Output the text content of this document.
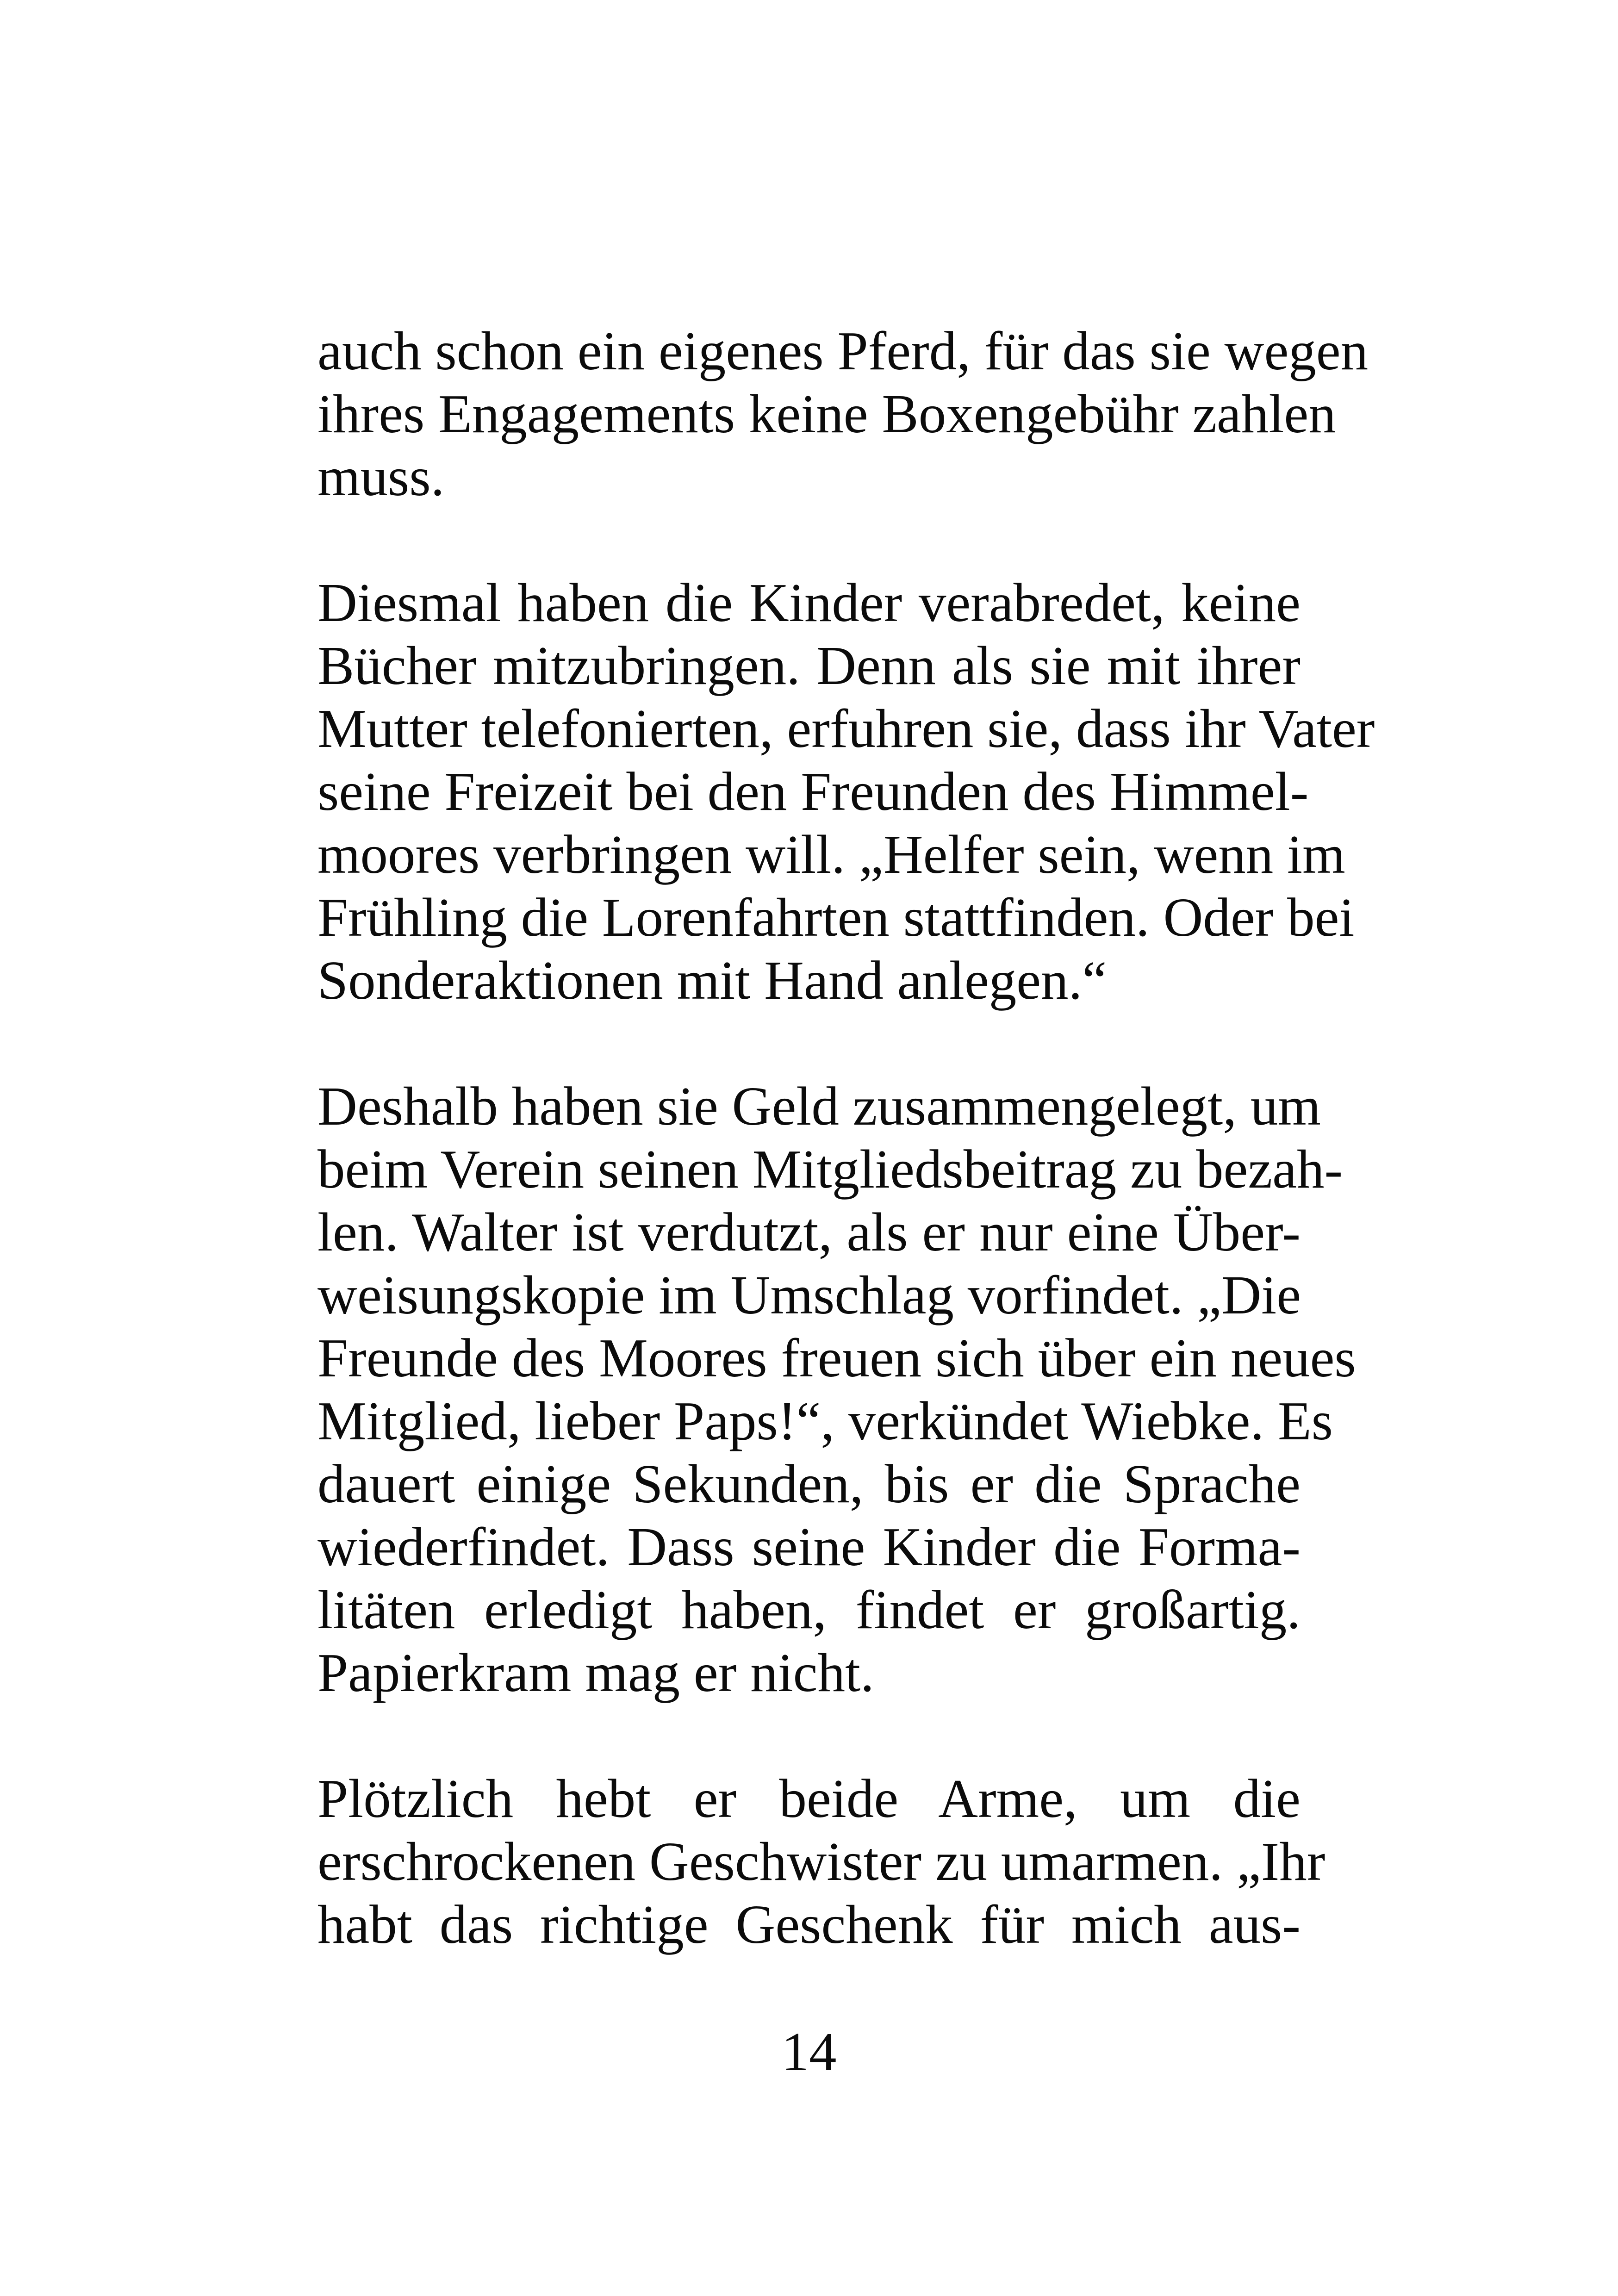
auch schon ein eigenes Pferd, für das sie wegen
ihres Engagements keine Boxengebühr zahlen
muss.
Diesmal haben die Kinder verabredet, keine
Bücher mitzubringen. Denn als sie mit ihrer
Mutter telefonierten, erfuhren sie, dass ihr Vater
seine Freizeit bei den Freunden des Himmel-
moores verbringen will. „Helfer sein, wenn im
Frühling die Lorenfahrten stattfinden. Oder bei
Sonderaktionen mit Hand anlegen.“
Deshalb haben sie Geld zusammengelegt, um
beim Verein seinen Mitgliedsbeitrag zu bezah-
len. Walter ist verdutzt, als er nur eine Über-
weisungskopie im Umschlag vorfindet. „Die
Freunde des Moores freuen sich über ein neues
Mitglied, lieber Paps!“, verkündet Wiebke. Es
dauert einige Sekunden, bis er die Sprache
wiederfindet. Dass seine Kinder die Forma-
litäten erledigt haben, findet er großartig.
Papierkram mag er nicht.
Plötzlich hebt er beide Arme, um die
erschrockenen Geschwister zu umarmen. „Ihr
habt das richtige Geschenk für mich aus-
14
